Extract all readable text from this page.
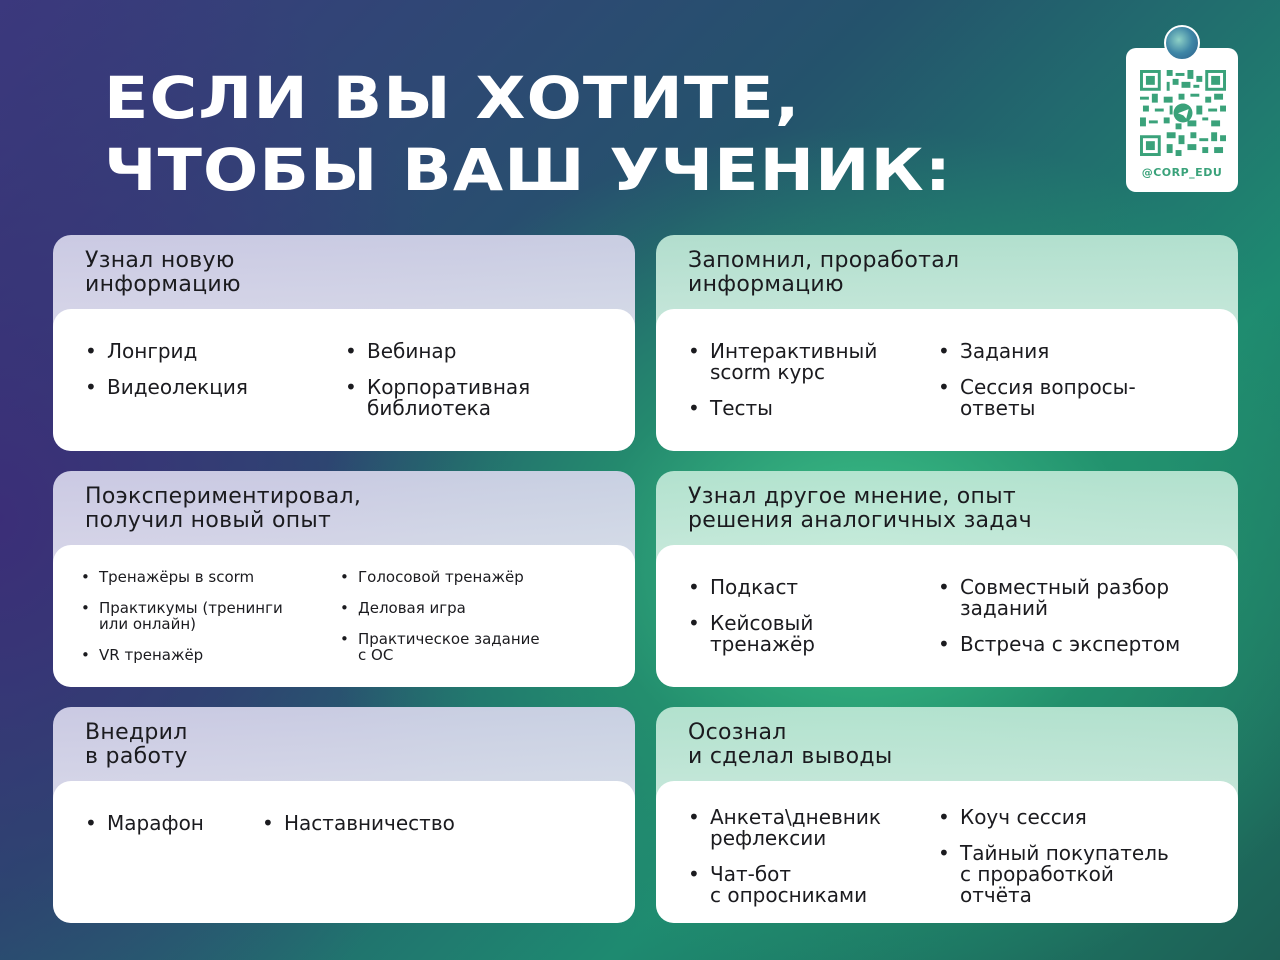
ЕСЛИ ВЫ ХОТИТЕ,
ЧТОБЫ ВАШ УЧЕНИК:	@CORP_EDU
Узнал новую
информацию
• Лонгрид
• Видеолекция
• Вебинар
• Корпоративная
библиотека
Запомнил, проработал
информацию
• Интерактивный
scorm курс
• Тесты
• Задания
• Сессия вопросы-
ответы
Поэкспериментировал,
получил новый опыт
• Тренажёры в scorm
• Практикумы (тренинги
или онлайн)
• VR тренажёр
• Голосовой тренажёр
• Деловая игра
• Практическое задание
с ОС
Узнал другое мнение, опыт
решения аналогичных задач
• Подкаст
• Кейсовый
тренажёр
• Совместный разбор
заданий
• Встреча с экспертом
Внедрил
в работу
• Марафон
•	Наставничество
Осознал
и сделал выводы
• Анкета\дневник
рефлексии
• Чат-бот
с опросниками
• Коуч сессия
• Тайный покупатель
с проработкой
отчёта
